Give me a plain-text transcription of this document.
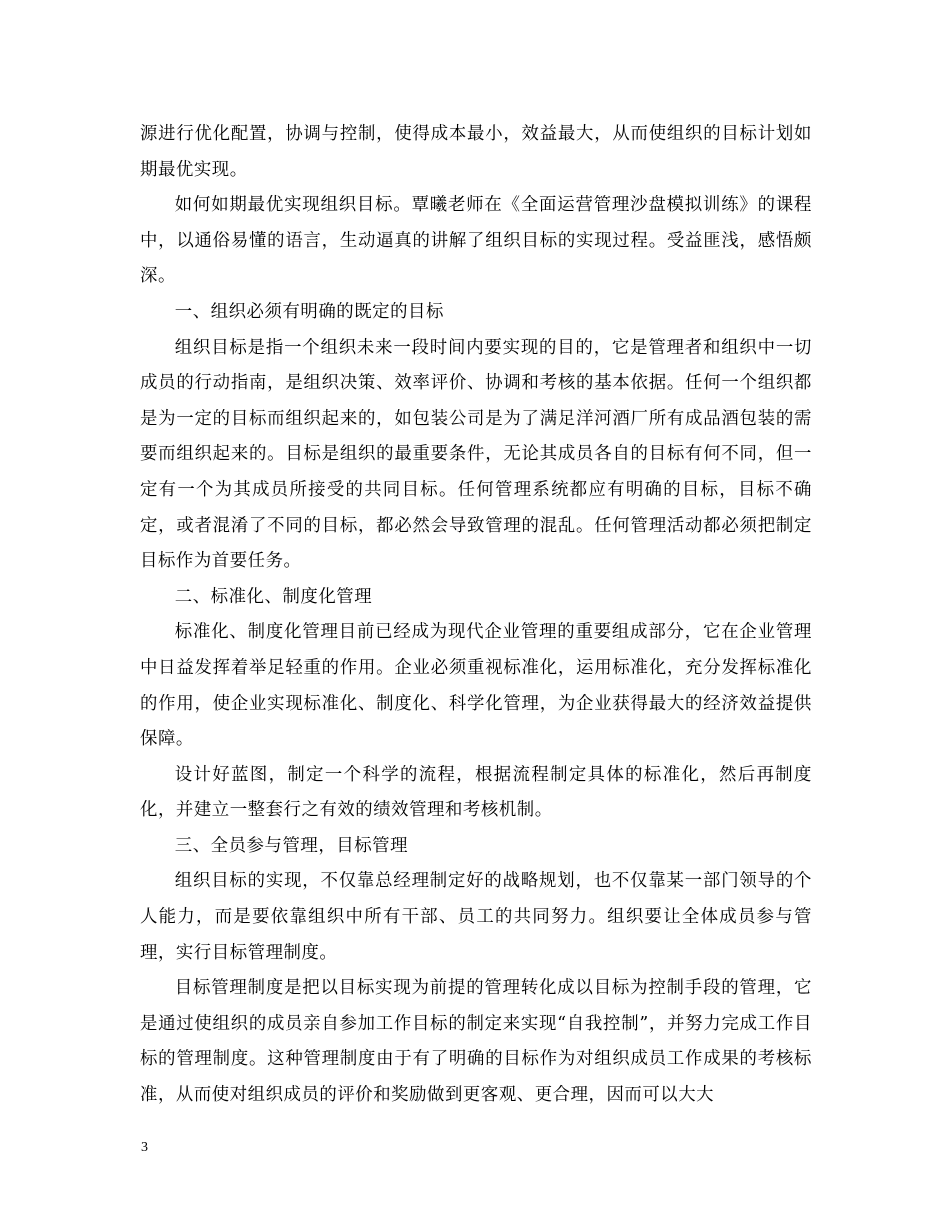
源进行优化配置，协调与控制，使得成本最小，效益最大，从而使组织的目标计划如期最优实现。

如何如期最优实现组织目标。覃曦老师在《全面运营管理沙盘模拟训练》的课程中，以通俗易懂的语言，生动逼真的讲解了组织目标的实现过程。受益匪浅，感悟颇深。

一、组织必须有明确的既定的目标

组织目标是指一个组织未来一段时间内要实现的目的，它是管理者和组织中一切成员的行动指南，是组织决策、效率评价、协调和考核的基本依据。任何一个组织都是为一定的目标而组织起来的，如包装公司是为了满足洋河酒厂所有成品酒包装的需要而组织起来的。目标是组织的最重要条件，无论其成员各自的目标有何不同，但一定有一个为其成员所接受的共同目标。任何管理系统都应有明确的目标，目标不确定，或者混淆了不同的目标，都必然会导致管理的混乱。任何管理活动都必须把制定目标作为首要任务。

二、标准化、制度化管理

标准化、制度化管理目前已经成为现代企业管理的重要组成部分，它在企业管理中日益发挥着举足轻重的作用。企业必须重视标准化，运用标准化，充分发挥标准化的作用，使企业实现标准化、制度化、科学化管理，为企业获得最大的经济效益提供保障。

设计好蓝图，制定一个科学的流程，根据流程制定具体的标准化，然后再制度化，并建立一整套行之有效的绩效管理和考核机制。

三、全员参与管理，目标管理

组织目标的实现，不仅靠总经理制定好的战略规划，也不仅靠某一部门领导的个人能力，而是要依靠组织中所有干部、员工的共同努力。组织要让全体成员参与管理，实行目标管理制度。

目标管理制度是把以目标实现为前提的管理转化成以目标为控制手段的管理，它是通过使组织的成员亲自参加工作目标的制定来实现“自我控制”，并努力完成工作目标的管理制度。这种管理制度由于有了明确的目标作为对组织成员工作成果的考核标准，从而使对组织成员的评价和奖励做到更客观、更合理，因而可以大大

3
